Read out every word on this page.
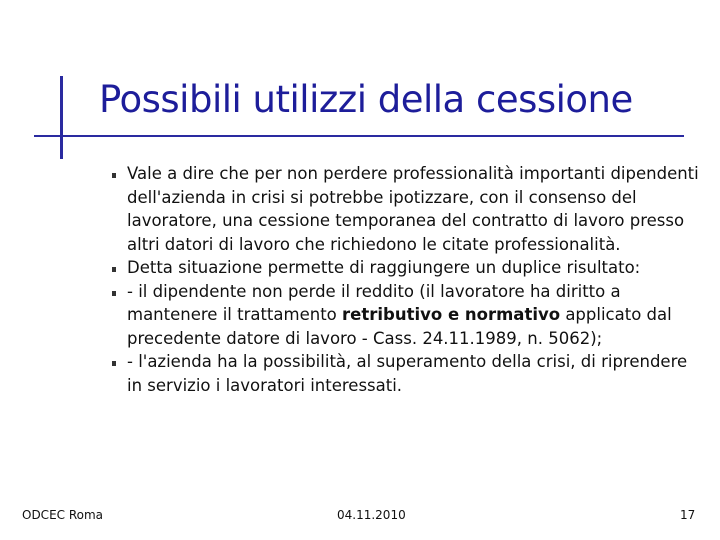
Possibili utilizzi della cessione
Vale a dire che per non perdere professionalità importanti dipendenti dell'azienda in crisi si potrebbe ipotizzare, con il consenso del lavoratore, una cessione temporanea del contratto di lavoro presso altri datori di lavoro che richiedono le citate professionalità.
Detta situazione permette di raggiungere un duplice risultato:
- il dipendente non perde il reddito (il lavoratore ha diritto a mantenere il trattamento retributivo e normativo applicato dal precedente datore di lavoro - Cass. 24.11.1989, n. 5062);
- l'azienda ha la possibilità, al superamento della crisi, di riprendere in servizio i lavoratori interessati.
ODCEC Roma	04.11.2010	17
